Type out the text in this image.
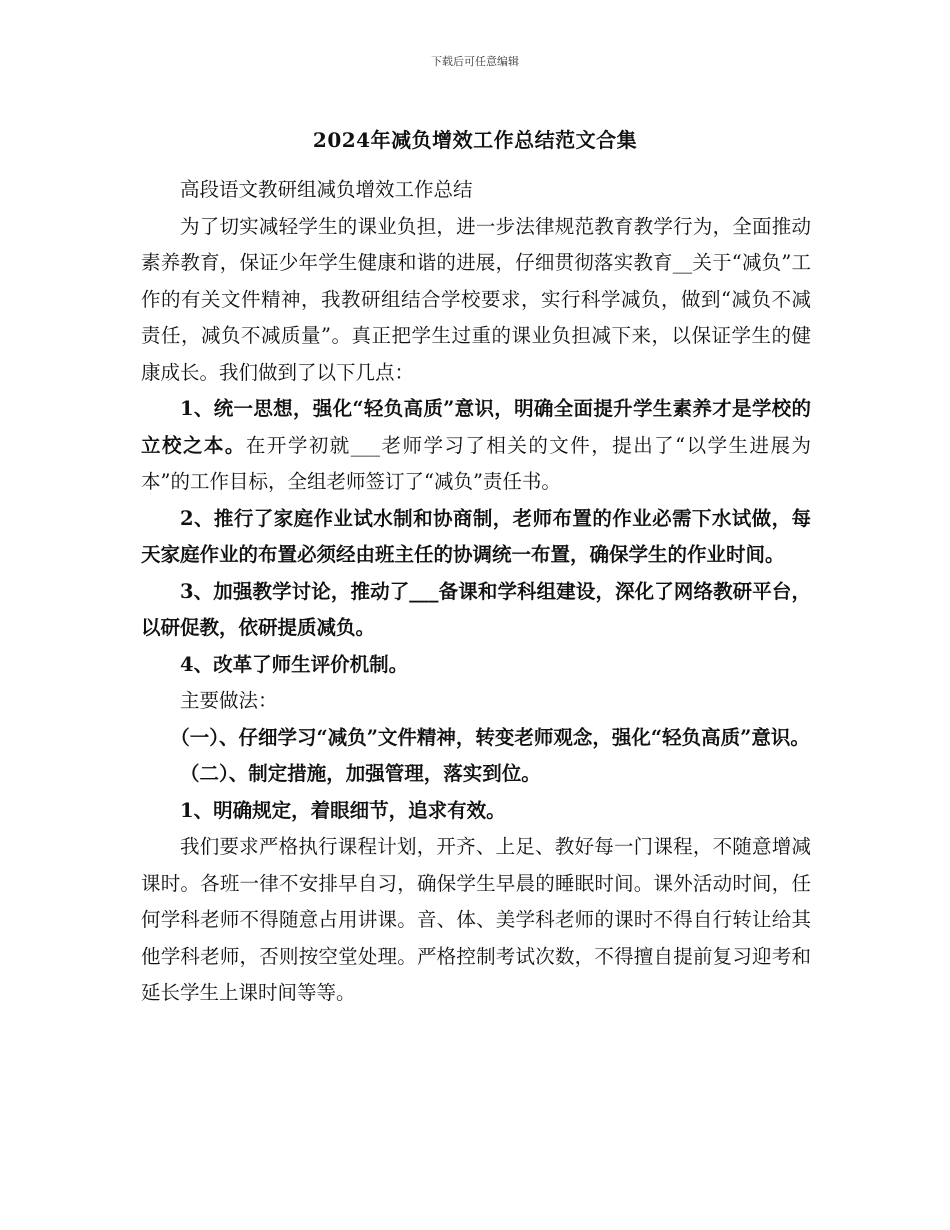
下载后可任意编辑
2024年减负增效工作总结范文合集

高段语文教研组减负增效工作总结

为了切实减轻学生的课业负担，进一步法律规范教育教学行为，全面推动素养教育，保证少年学生健康和谐的进展，仔细贯彻落实教育__关于“减负”工作的有关文件精神，我教研组结合学校要求，实行科学减负，做到“减负不减责任，减负不减质量”。真正把学生过重的课业负担减下来，以保证学生的健康成长。我们做到了以下几点：

1、统一思想，强化“轻负高质”意识，明确全面提升学生素养才是学校的立校之本。在开学初就___老师学习了相关的文件，提出了“以学生进展为本”的工作目标，全组老师签订了“减负”责任书。

2、推行了家庭作业试水制和协商制，老师布置的作业必需下水试做，每天家庭作业的布置必须经由班主任的协调统一布置，确保学生的作业时间。

3、加强教学讨论，推动了___备课和学科组建设，深化了网络教研平台，以研促教，依研提质减负。

4、改革了师生评价机制。

主要做法：

（一）、仔细学习“减负”文件精神，转变老师观念，强化“轻负高质”意识。

（二）、制定措施，加强管理，落实到位。

1、明确规定，着眼细节，追求有效。

我们要求严格执行课程计划，开齐、上足、教好每一门课程，不随意增减课时。各班一律不安排早自习，确保学生早晨的睡眠时间。课外活动时间，任何学科老师不得随意占用讲课。音、体、美学科老师的课时不得自行转让给其他学科老师，否则按空堂处理。严格控制考试次数，不得擅自提前复习迎考和延长学生上课时间等等。
